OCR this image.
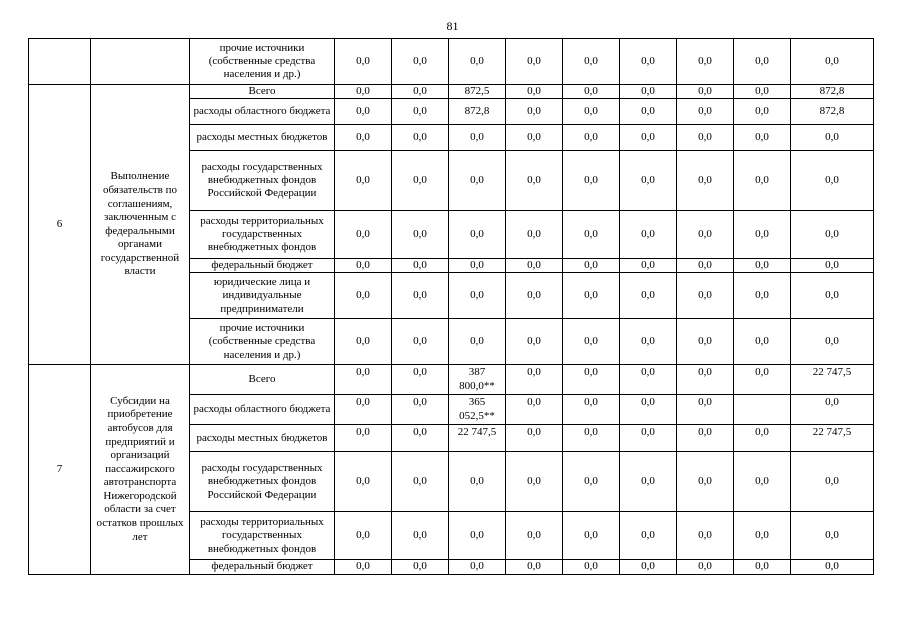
81
		прочие источники (собственные средства населения и др.)	0,0	0,0	0,0	0,0	0,0	0,0	0,0	0,0	0,0
6	Выполнение обязательств по соглашениям, заключенным с федеральными органами государственной власти	Всего	0,0	0,0	872,5	0,0	0,0	0,0	0,0	0,0	872,8
		расходы областного бюджета	0,0	0,0	872,8	0,0	0,0	0,0	0,0	0,0	872,8
		расходы местных бюджетов	0,0	0,0	0,0	0,0	0,0	0,0	0,0	0,0	0,0
		расходы государственных внебюджетных фондов Российской Федерации	0,0	0,0	0,0	0,0	0,0	0,0	0,0	0,0	0,0
		расходы территориальных государственных внебюджетных фондов	0,0	0,0	0,0	0,0	0,0	0,0	0,0	0,0	0,0
		федеральный бюджет	0,0	0,0	0,0	0,0	0,0	0,0	0,0	0,0	0,0
		юридические лица и индивидуальные предприниматели	0,0	0,0	0,0	0,0	0,0	0,0	0,0	0,0	0,0
		прочие источники (собственные средства населения и др.)	0,0	0,0	0,0	0,0	0,0	0,0	0,0	0,0	0,0
7	Субсидии на приобретение автобусов для предприятий и организаций пассажирского автотранспорта Нижегородской области за счет остатков прошлых лет	Всего	0,0	0,0	387 800,0**	0,0	0,0	0,0	0,0	0,0	22 747,5
		расходы областного бюджета	0,0	0,0	365 052,5**	0,0	0,0	0,0	0,0		0,0
		расходы местных бюджетов	0,0	0,0	22 747,5	0,0	0,0	0,0	0,0	0,0	22 747,5
		расходы государственных внебюджетных фондов Российской Федерации	0,0	0,0	0,0	0,0	0,0	0,0	0,0	0,0	0,0
		расходы территориальных государственных внебюджетных фондов	0,0	0,0	0,0	0,0	0,0	0,0	0,0	0,0	0,0
		федеральный бюджет	0,0	0,0	0,0	0,0	0,0	0,0	0,0	0,0	0,0
